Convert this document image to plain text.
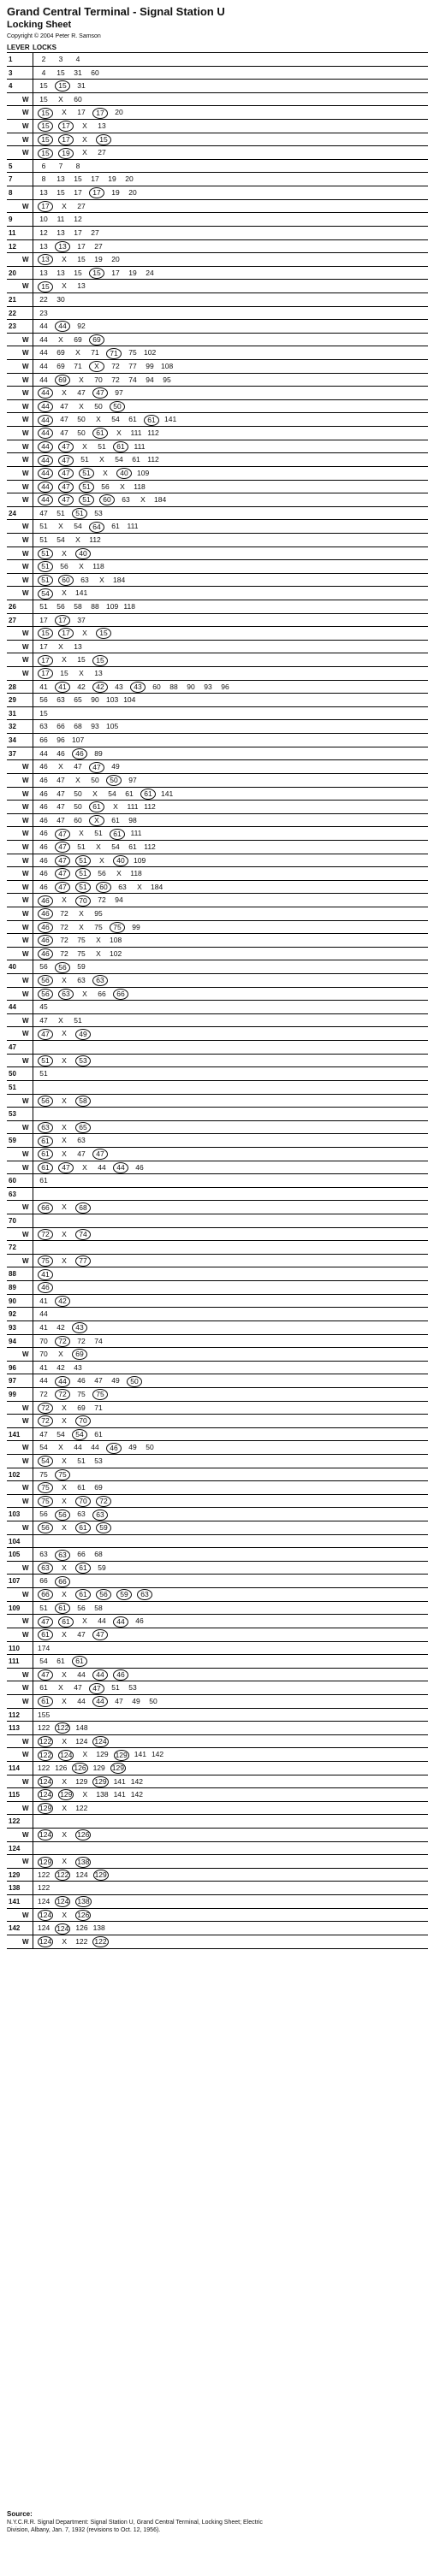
Grand Central Terminal - Signal Station U
Locking Sheet
Copyright © 2004 Peter R. Samson
LEVER LOCKS
1	2 3 4
3	4 15 31 60
4	15 15 31
W 15 X 60
W	15 X 17 17 20
W	15 17 X 13
W	15 17 X 15
W	15 19 X 27
5	6 7 8
7	8 13 15 17 19 20
8	13 15 17 17 19 20
W	17 X 27
9	10 11 12
11	12 13 17 27
12	13 13 17 27
W	13 X 15 19 20
20	13 13 15 15 17 19 24
W	15 X 13
21	22 30
22	23
23	44 44 92
W 44 X 69 69
W 44 69 X 71 71 75 102
W 44 69 71 X 72 77 99 108
W 44 69 X 70 72 74 94 95
W	44 X 47 47 97
W	44 47 X 50 50
W	44 47 50 X 54 61 61 141
W	44 47 50 61 X 111 112
W	44 47 X 51 61 111
W	44 47 51 X 54 61 112
W	44 47 51 X 40 109
W	44 47 51 56 X 118
W	44 47 51 60 63 X 184
24	47 51 51 53
W 51 X 54 64 61 111
W 51 54 X 112
W	51 X 40
W	51 56 X 118
W	51 60 63 X 184
W	54 X 141
26	51 56 58 88 109 118
27	17 17 37
W	15 17 X 15
W 17 X 13
W	17 X 15 15
W	17 15 X 13
28	41 41 42 42 43 43 60 88 90 93 96
29	56 63 65 90 103 104
31	15
32	63 66 68 93 105
34	66 96 107
37	44 46 46 89
W 46 X 47 47 49
W 46 47 X 50 50 97
W 46 47 50 X 54 61 61 141
W 46 47 50 61 X 111 112
W 46 47 60 X 61 98
W 46 47 X 51 61 111
W 46 47 51 X 54 61 112
W 46 47 51 X 40 109
W 46 47 51 56 X 118
W 46 47 51 60 63 X 184
W	46 X 70 72 94
W	46 72 X 95
W	46 72 X 75 75 99
W	46 72 75 X 108
W	46 72 75 X 102
40	56 56 59
W	56 X 63 63
W	56 63 X 66 66
44	45
W 47 X 51
W	47 X 49
47
W	51 X 53
50	51
51
W	56 X 58
53
W	63 X 65
59	61 X 63
W	61 X 47 47
W	61 47 X 44 44 46
60	61
63
W	66 X 68
70
W	72 X 74
72
W	75 X 77
88	41
89	46
90	41 42
92	44
93	41 42 43
94	70 72 72 74
W 70 X 69
96	41 42 43
97	44 44 46 47 49 50
99	72 72 75 75
W	72 X 69 71
W	72 X 70
141	47 54 54 61
W 54 X 44 44 46 49 50
W	54 X 51 53
102	75 75
W	75 X 61 69
W	75 X 70 72
103	56 56 63 63
W	56 X 61 59
104
105	63 63 66 68
W	63 X 61 59
107	66 66
W	66 X 61 56 59 63
109	51 61 56 58
W	47 61 X 44 44 46
W	61 X 47 47
110	174
111	54 61 61
W	47 X 44 44 46
W 61 X 47 47 51 53
W	61 X 44 44 47 49 50
112	155
113	122 122 148
W 122 X 124 124
W 122 124 X 129 129 141 142
114	122 126 126 129 129
W 124 X 129 129 141 142
115	124 129 X 138 141 142
W 129 X 122
122
W 124 X 126
124
W 129 X 138
129	122 122 124 129
138	122
141	124 124 138
W 124 X 126
142	124 124 126 138
W 124 X 122 122
Source:
N.Y.C.R.R. Signal Department: Signal Station U, Grand Central Terminal, Locking Sheet; Electric Division, Albany, Jan. 7, 1932 (revisions to Oct. 12, 1956).
